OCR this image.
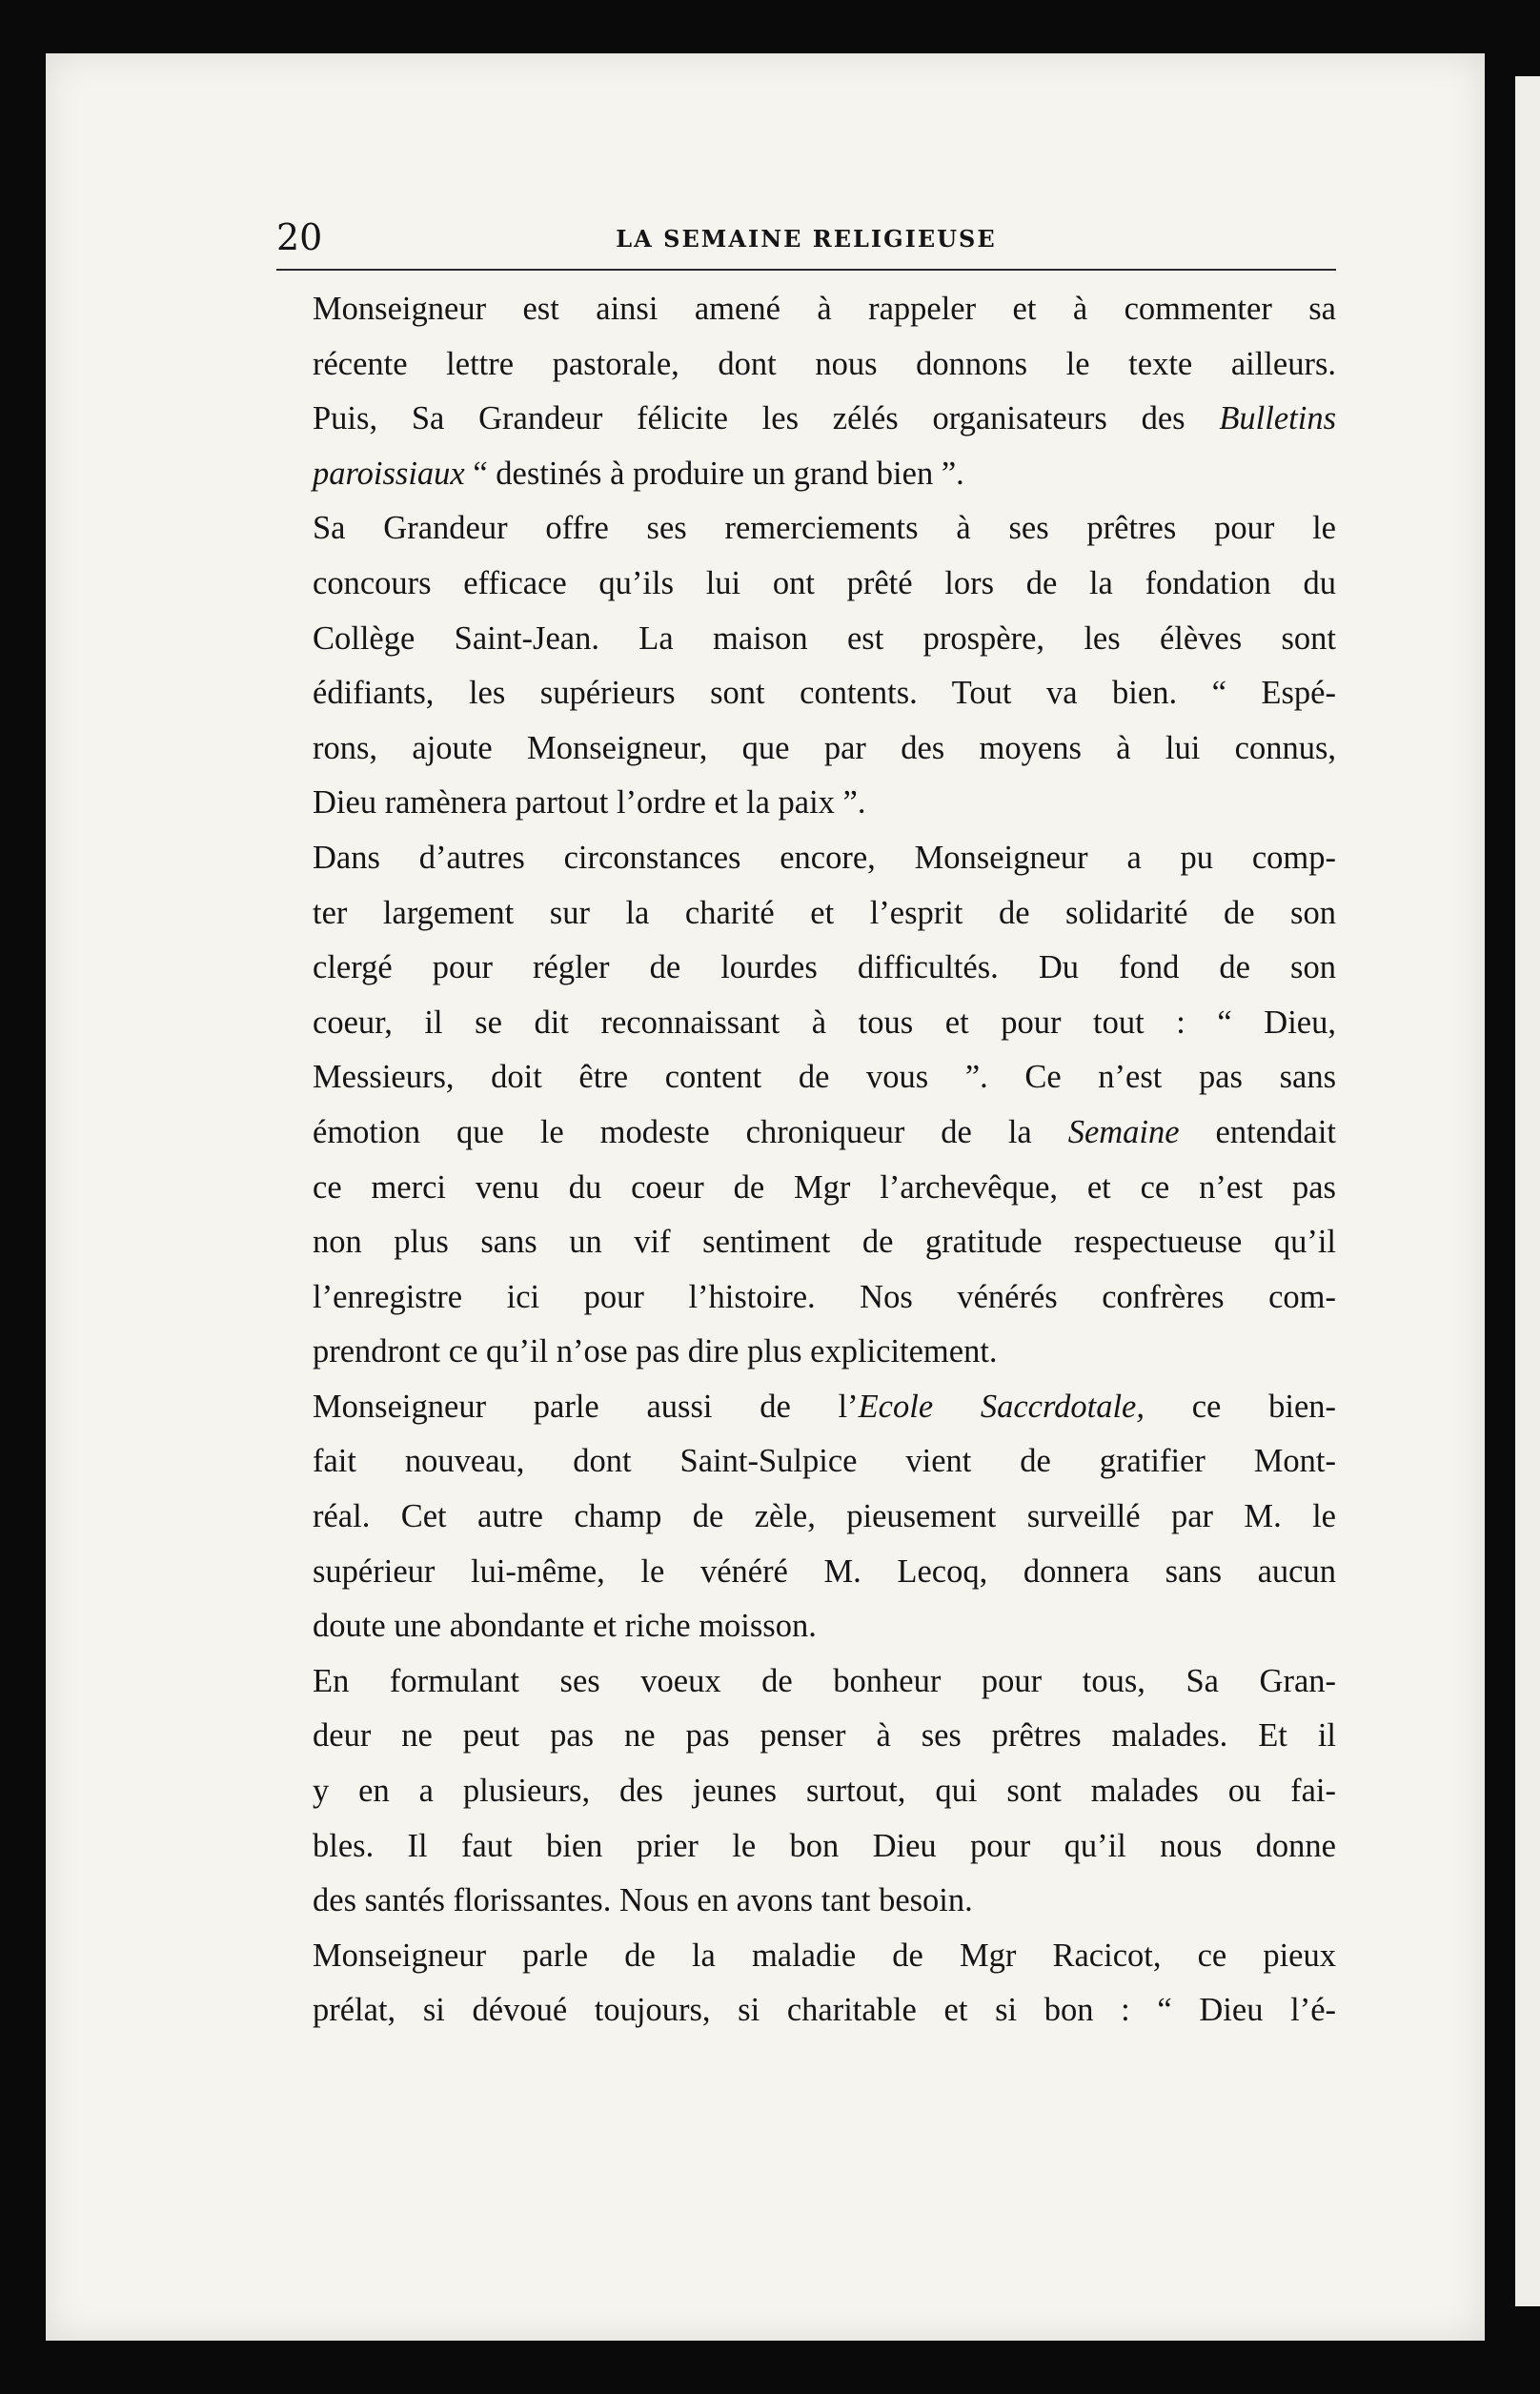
20	LA SEMAINE RELIGIEUSE

Monseigneur est ainsi amené à rappeler et à commenter sa
récente lettre pastorale, dont nous donnons le texte ailleurs.
Puis, Sa Grandeur félicite les zélés organisateurs des Bulletins
paroissiaux “ destinés à produire un grand bien ”.

Sa Grandeur offre ses remerciements à ses prêtres pour le
concours efficace qu’ils lui ont prêté lors de la fondation du
Collège Saint-Jean. La maison est prospère, les élèves sont
édifiants, les supérieurs sont contents. Tout va bien. “ Espé-
rons, ajoute Monseigneur, que par des moyens à lui connus,
Dieu ramènera partout l’ordre et la paix ”.

Dans d’autres circonstances encore, Monseigneur a pu comp-
ter largement sur la charité et l’esprit de solidarité de son
clergé pour régler de lourdes difficultés. Du fond de son
coeur, il se dit reconnaissant à tous et pour tout : “ Dieu,
Messieurs, doit être content de vous ”. Ce n’est pas sans
émotion que le modeste chroniqueur de la Semaine entendait
ce merci venu du coeur de Mgr l’archevêque, et ce n’est pas
non plus sans un vif sentiment de gratitude respectueuse qu’il
l’enregistre ici pour l’histoire. Nos vénérés confrères com-
prendront ce qu’il n’ose pas dire plus explicitement.

Monseigneur parle aussi de l’Ecole Saccrdotale, ce bien-
fait nouveau, dont Saint-Sulpice vient de gratifier Mont-
réal. Cet autre champ de zèle, pieusement surveillé par M. le
supérieur lui-même, le vénéré M. Lecoq, donnera sans aucun
doute une abondante et riche moisson.

En formulant ses voeux de bonheur pour tous, Sa Gran-
deur ne peut pas ne pas penser à ses prêtres malades. Et il
y en a plusieurs, des jeunes surtout, qui sont malades ou fai-
bles. Il faut bien prier le bon Dieu pour qu’il nous donne
des santés florissantes. Nous en avons tant besoin.

Monseigneur parle de la maladie de Mgr Racicot, ce pieux
prélat, si dévoué toujours, si charitable et si bon : “ Dieu l’é-
